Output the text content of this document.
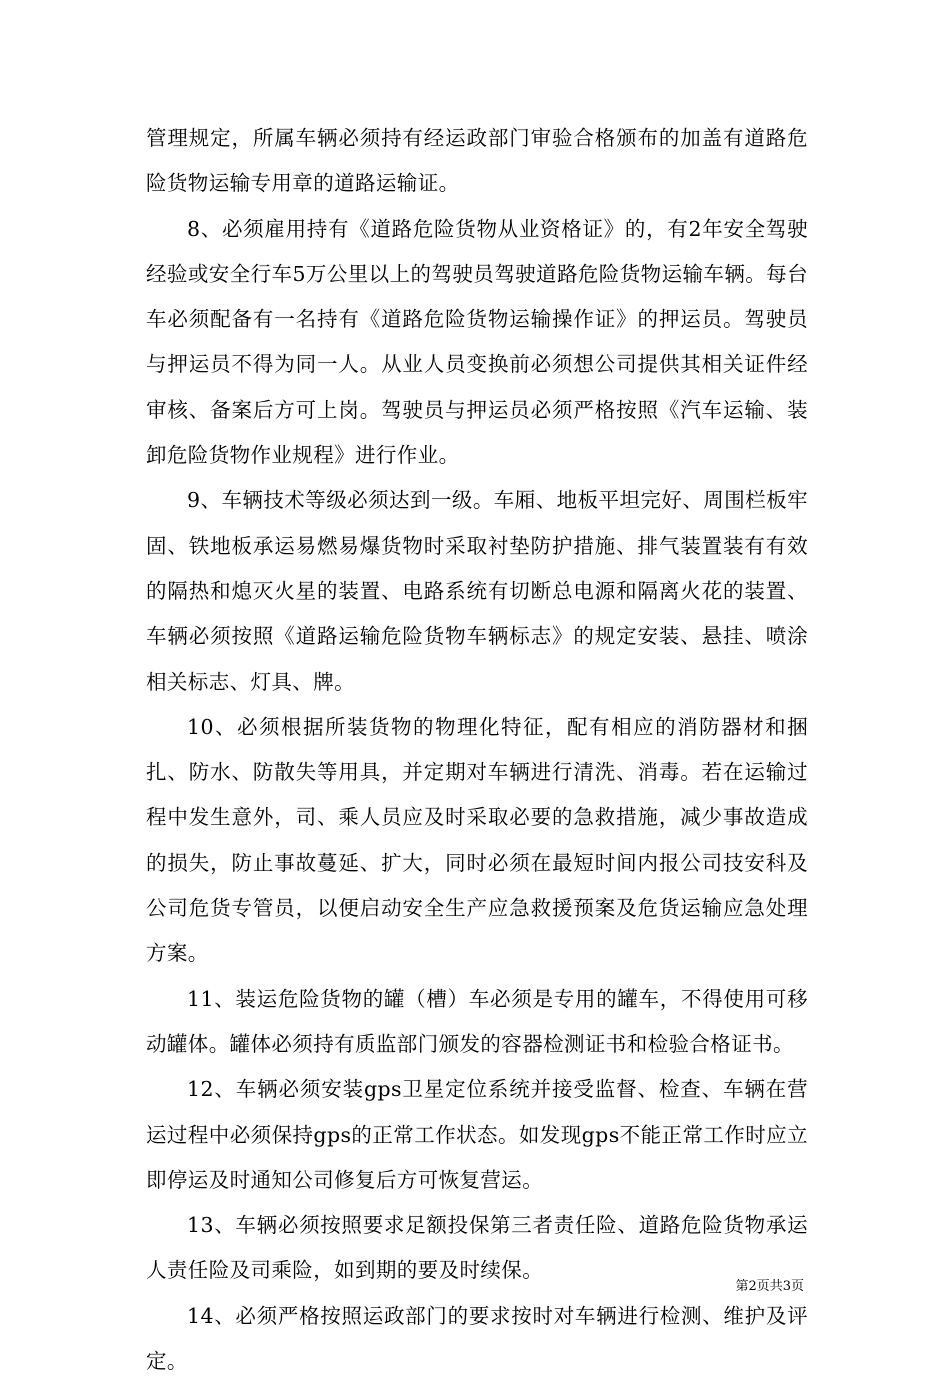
管理规定，所属车辆必须持有经运政部门审验合格颁布的加盖有道路危险货物运输专用章的道路运输证。

8、必须雇用持有《道路危险货物从业资格证》的，有2年安全驾驶经验或安全行车5万公里以上的驾驶员驾驶道路危险货物运输车辆。每台车必须配备有一名持有《道路危险货物运输操作证》的押运员。驾驶员与押运员不得为同一人。从业人员变换前必须想公司提供其相关证件经审核、备案后方可上岗。驾驶员与押运员必须严格按照《汽车运输、装卸危险货物作业规程》进行作业。

9、车辆技术等级必须达到一级。车厢、地板平坦完好、周围栏板牢固、铁地板承运易燃易爆货物时采取衬垫防护措施、排气装置装有有效的隔热和熄灭火星的装置、电路系统有切断总电源和隔离火花的装置、车辆必须按照《道路运输危险货物车辆标志》的规定安装、悬挂、喷涂相关标志、灯具、牌。

10、必须根据所装货物的物理化特征，配有相应的消防器材和捆扎、防水、防散失等用具，并定期对车辆进行清洗、消毒。若在运输过程中发生意外，司、乘人员应及时采取必要的急救措施，减少事故造成的损失，防止事故蔓延、扩大，同时必须在最短时间内报公司技安科及公司危货专管员，以便启动安全生产应急救援预案及危货运输应急处理方案。

11、装运危险货物的罐（槽）车必须是专用的罐车，不得使用可移动罐体。罐体必须持有质监部门颁发的容器检测证书和检验合格证书。

12、车辆必须安装gps卫星定位系统并接受监督、检查、车辆在营运过程中必须保持gps的正常工作状态。如发现gps不能正常工作时应立即停运及时通知公司修复后方可恢复营运。

13、车辆必须按照要求足额投保第三者责任险、道路危险货物承运人责任险及司乘险，如到期的要及时续保。

14、必须严格按照运政部门的要求按时对车辆进行检测、维护及评定。

第2页共3页
